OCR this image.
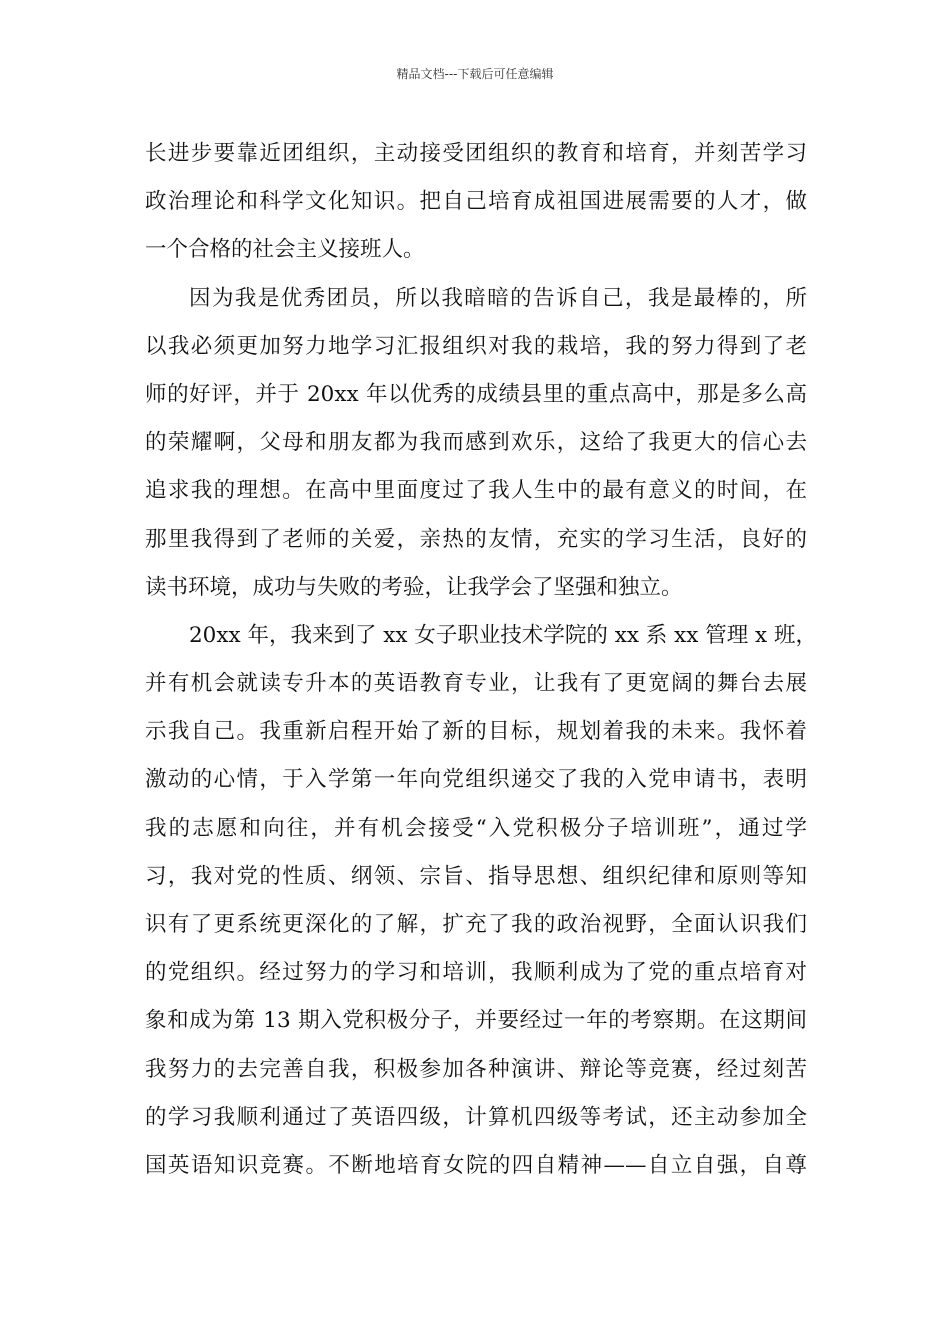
精品文档---下载后可任意编辑
长进步要靠近团组织，主动接受团组织的教育和培育，并刻苦学习
政治理论和科学文化知识。把自己培育成祖国进展需要的人才，做
一个合格的社会主义接班人。
因为我是优秀团员，所以我暗暗的告诉自己，我是最棒的，所
以我必须更加努力地学习汇报组织对我的栽培，我的努力得到了老
师的好评，并于 20xx 年以优秀的成绩县里的重点高中，那是多么高
的荣耀啊，父母和朋友都为我而感到欢乐，这给了我更大的信心去
追求我的理想。在高中里面度过了我人生中的最有意义的时间，在
那里我得到了老师的关爱，亲热的友情，充实的学习生活，良好的
读书环境，成功与失败的考验，让我学会了坚强和独立。
20xx 年，我来到了 xx 女子职业技术学院的 xx 系 xx 管理 x 班，
并有机会就读专升本的英语教育专业，让我有了更宽阔的舞台去展
示我自己。我重新启程开始了新的目标，规划着我的未来。我怀着
激动的心情，于入学第一年向党组织递交了我的入党申请书，表明
我的志愿和向往，并有机会接受“入党积极分子培训班”，通过学
习，我对党的性质、纲领、宗旨、指导思想、组织纪律和原则等知
识有了更系统更深化的了解，扩充了我的政治视野，全面认识我们
的党组织。经过努力的学习和培训，我顺利成为了党的重点培育对
象和成为第 13 期入党积极分子，并要经过一年的考察期。在这期间
我努力的去完善自我，积极参加各种演讲、辩论等竞赛，经过刻苦
的学习我顺利通过了英语四级，计算机四级等考试，还主动参加全
国英语知识竞赛。不断地培育女院的四自精神——自立自强，自尊
